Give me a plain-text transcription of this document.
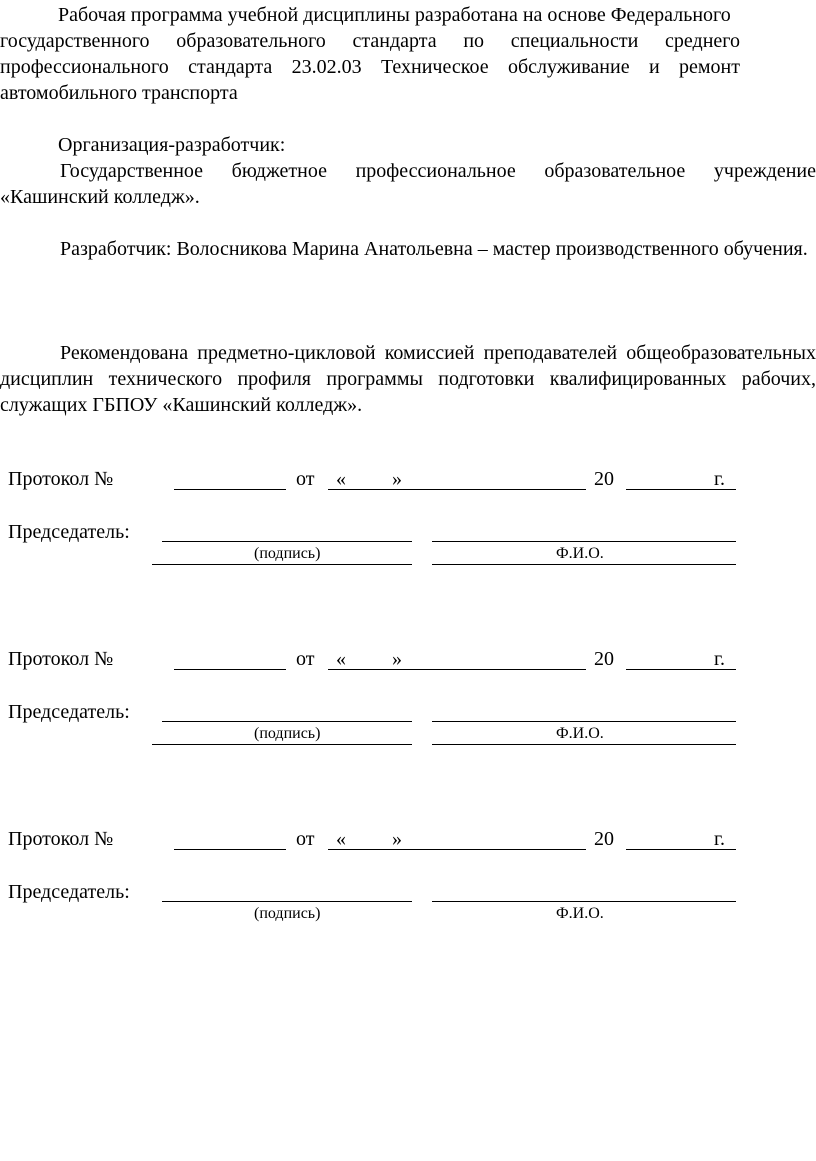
Рабочая программа учебной дисциплины разработана на основе Федерального

государственного образовательного стандарта по специальности среднего профессионального стандарта 23.02.03 Техническое обслуживание и ремонт автомобильного транспорта

Организация-разработчик:

Государственное бюджетное профессиональное образовательное учреждение «Кашинский колледж».

Разработчик: Волосникова Марина Анатольевна – мастер производственного обучения.

Рекомендована предметно-цикловой комиссией преподавателей общеобразовательных дисциплин технического профиля программы подготовки квалифицированных рабочих, служащих ГБПОУ «Кашинский колледж».

Протокол №	от « »	20	г.
Председатель:
(подпись)	Ф.И.О.
Протокол №	от « »	20	г.
Председатель:
(подпись)	Ф.И.О.
Протокол №	от « »	20	г.
Председатель:
(подпись)	Ф.И.О.
